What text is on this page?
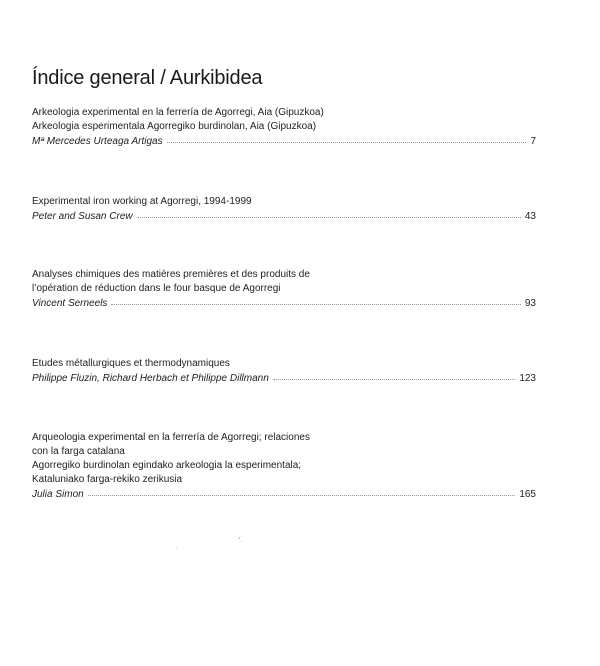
Índice general / Aurkibidea
Arkeologia experimental en la ferrería de Agorregi, Aia (Gipuzkoa)
Arkeologia esperimentala Agorregiko burdinolan, Aia (Gipuzkoa)
Mª Mercedes Urteaga Artigas	7
Experimental iron working at Agorregi, 1994-1999
Peter and Susan Crew	43
Analyses chimiques des matières premières et des produits de
l’opération de réduction dans le four basque de Agorregi
Vincent Serneels	93
Etudes métallurgiques et thermodynamiques
Philippe Fluzin, Richard Herbach et Philippe Dillmann	123
Arqueologia experimental en la ferrería de Agorregi; relaciones
con la farga catalana
Agorregiko burdinolan egindako arkeologia la esperimentala;
Kataluniako farga-rekiko zerikusia
Julia Simon	165
